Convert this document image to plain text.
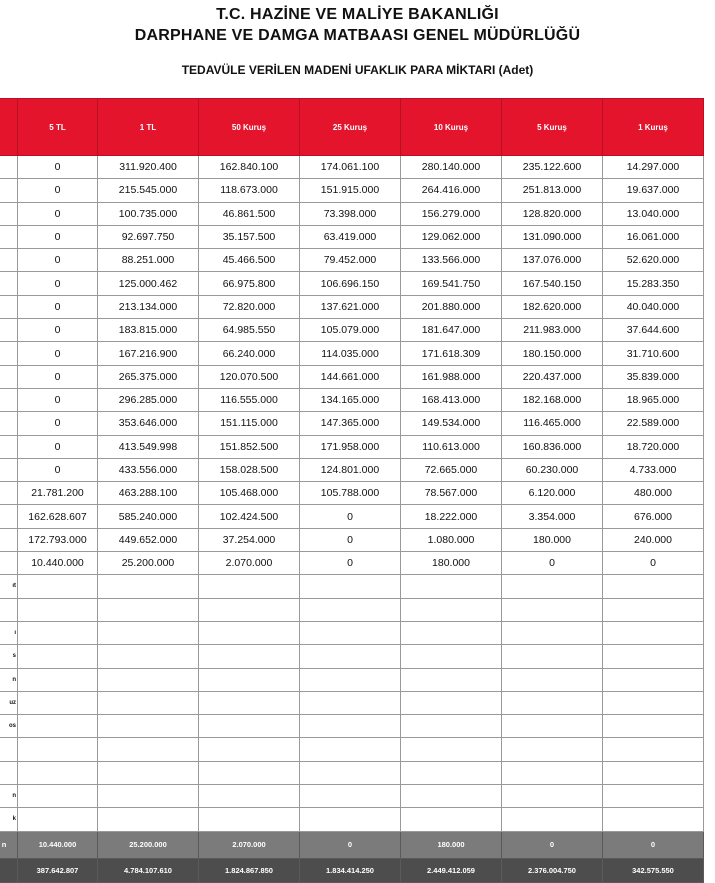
T.C. HAZİNE VE MALİYE BAKANLIĞI
DARPHANE VE DAMGA MATBAASI GENEL MÜDÜRLÜĞÜ
TEDAVÜLE VERİLEN MADENİ UFAKLIK PARA MİKTARI (Adet)
	5 TL	1 TL	50 Kuruş	25 Kuruş	10 Kuruş	5 Kuruş	1 Kuruş
	0	311.920.400	162.840.100	174.061.100	280.140.000	235.122.600	14.297.000
	0	215.545.000	118.673.000	151.915.000	264.416.000	251.813.000	19.637.000
	0	100.735.000	46.861.500	73.398.000	156.279.000	128.820.000	13.040.000
	0	92.697.750	35.157.500	63.419.000	129.062.000	131.090.000	16.061.000
	0	88.251.000	45.466.500	79.452.000	133.566.000	137.076.000	52.620.000
	0	125.000.462	66.975.800	106.696.150	169.541.750	167.540.150	15.283.350
	0	213.134.000	72.820.000	137.621.000	201.880.000	182.620.000	40.040.000
	0	183.815.000	64.985.550	105.079.000	181.647.000	211.983.000	37.644.600
	0	167.216.900	66.240.000	114.035.000	171.618.309	180.150.000	31.710.600
	0	265.375.000	120.070.500	144.661.000	161.988.000	220.437.000	35.839.000
	0	296.285.000	116.555.000	134.165.000	168.413.000	182.168.000	18.965.000
	0	353.646.000	151.115.000	147.365.000	149.534.000	116.465.000	22.589.000
	0	413.549.998	151.852.500	171.958.000	110.613.000	160.836.000	18.720.000
	0	433.556.000	158.028.500	124.801.000	72.665.000	60.230.000	4.733.000
	21.781.200	463.288.100	105.468.000	105.788.000	78.567.000	6.120.000	480.000
	162.628.607	585.240.000	102.424.500	0	18.222.000	3.354.000	676.000
	172.793.000	449.652.000	37.254.000	0	1.080.000	180.000	240.000
	10.440.000	25.200.000	2.070.000	0	180.000	0	0
ıt							

ı							
s							
n							
uz							
os							

n							
k							
n	10.440.000	25.200.000	2.070.000	0	180.000	0	0
	387.642.807	4.784.107.610	1.824.867.850	1.834.414.250	2.449.412.059	2.376.004.750	342.575.550
